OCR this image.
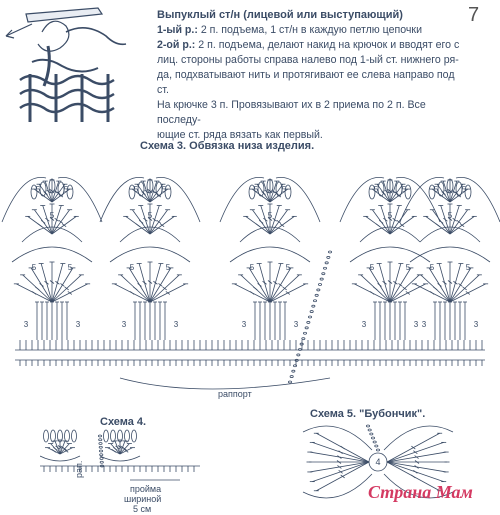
7
Выпуклый ст/н (лицевой или выступающий)
1-ый р.: 2 п. подъема, 1 ст/н в каждую петлю цепочки
2-ой р.: 2 п. подъема, делают накид на крючок и вводят его с
лиц. стороны работы справа налево под 1-ый ст. нижнего ря-
да, подхватывают нить и протягивают ее слева направо под ст.
На крючке 3 п. Провязывают их в 2 приема по 2 п. Все последу-
ющие ст. ряда вязать как первый.
Схема 3. Обвязка низа изделия.
5	5
5
5	5
3	3
5	5
5
5	5
3	3
5	5
5
5	5
3	3
5	5
5
5	5
3	3
5	5
5
5	5
3	3
раппорт
Схема 4.
рап.
пройма
шириной
5 см
Схема 5. "Бубончик".
4
Страна Мам
